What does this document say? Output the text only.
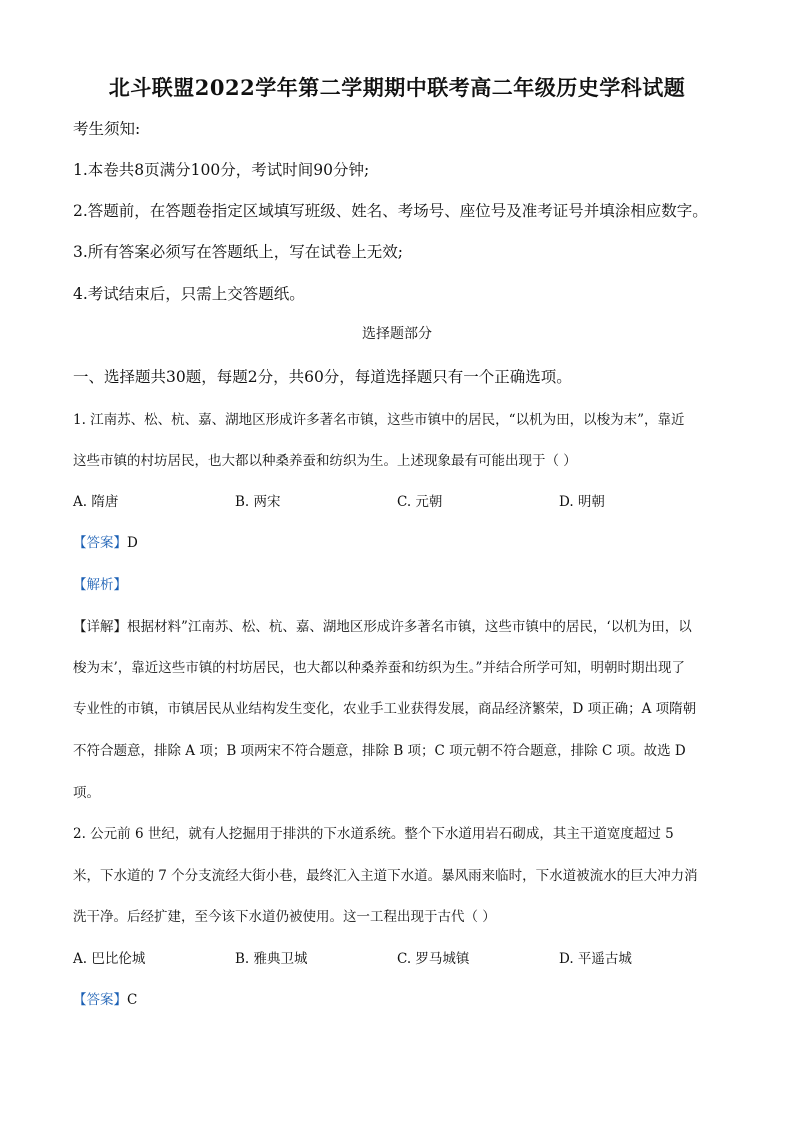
北斗联盟2022学年第二学期期中联考高二年级历史学科试题
考生须知:
1.本卷共8页满分100分，考试时间90分钟;
2.答题前，在答题卷指定区域填写班级、姓名、考场号、座位号及准考证号并填涂相应数字。
3.所有答案必须写在答题纸上，写在试卷上无效;
4.考试结束后，只需上交答题纸。
选择题部分
一、选择题共30题，每题2分，共60分，每道选择题只有一个正确选项。
1. 江南苏、松、杭、嘉、湖地区形成许多著名市镇，这些市镇中的居民，“以机为田，以梭为末”，靠近
这些市镇的村坊居民，也大都以种桑养蚕和纺织为生。上述现象最有可能出现于（ ）
A. 隋唐	B. 两宋	C. 元朝	D. 明朝
【答案】D
【解析】
【详解】根据材料”江南苏、松、杭、嘉、湖地区形成许多著名市镇，这些市镇中的居民，‘以机为田，以
梭为末’，靠近这些市镇的村坊居民，也大都以种桑养蚕和纺织为生。”并结合所学可知，明朝时期出现了
专业性的市镇，市镇居民从业结构发生变化，农业手工业获得发展，商品经济繁荣，D 项正确；A 项隋朝
不符合题意，排除 A 项；B 项两宋不符合题意，排除 B 项；C 项元朝不符合题意，排除 C 项。故选 D
项。
2. 公元前 6 世纪，就有人挖掘用于排洪的下水道系统。整个下水道用岩石砌成，其主干道宽度超过 5
米，下水道的 7 个分支流经大街小巷，最终汇入主道下水道。暴风雨来临时，下水道被流水的巨大冲力消
洗干净。后经扩建，至今该下水道仍被使用。这一工程出现于古代（ ）
A. 巴比伦城	B. 雅典卫城	C. 罗马城镇	D. 平遥古城
【答案】C
